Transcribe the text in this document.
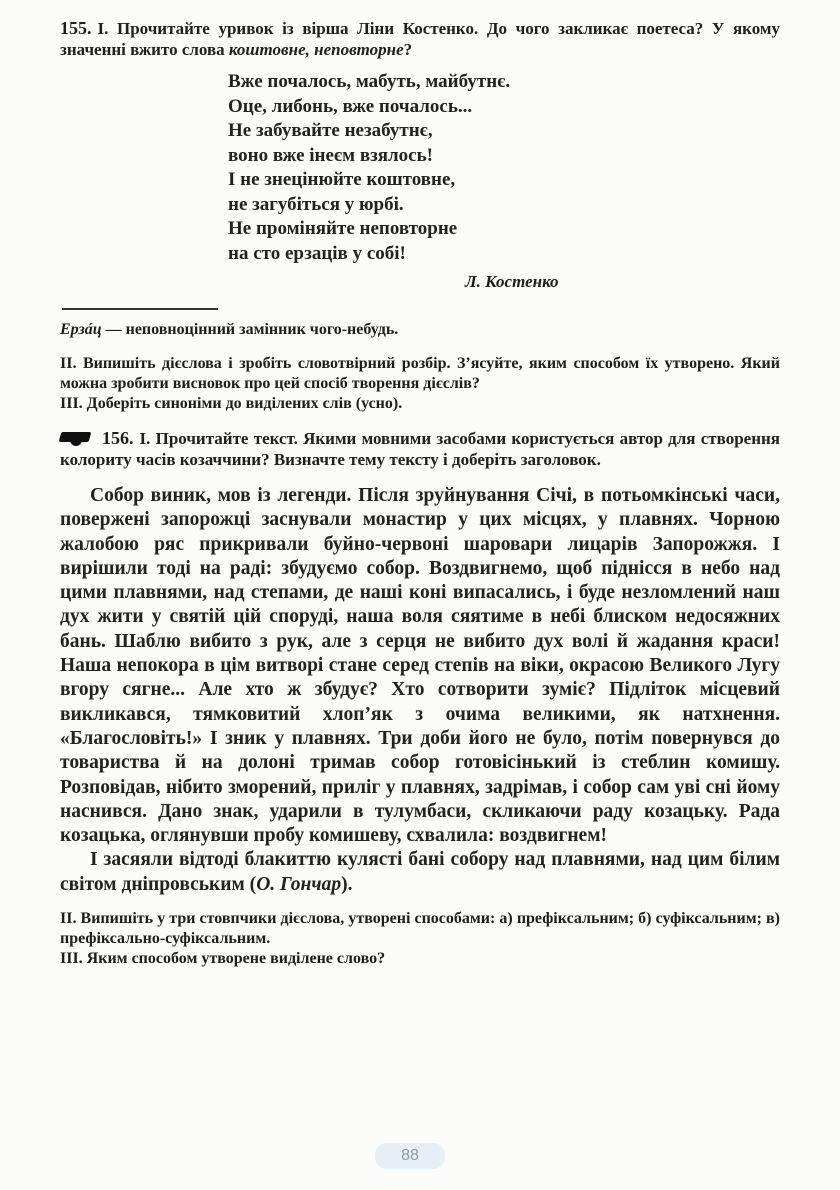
155. І. Прочитайте уривок із вірша Ліни Костенко. До чого закликає поетеса? У якому значенні вжито слова коштовне, неповторне?
Вже почалось, мабуть, майбутнє.
Оце, либонь, вже почалось...
Не забувайте незабутнє,
воно вже інеєм взялось!
І не знецінюйте коштовне,
не загубіться у юрбі.
Не проміняйте неповторне
на сто ерзаців у собі!
Л. Костенко
Ерзáц — неповноцінний замінник чого-небудь.

ІІ. Випишіть дієслова і зробіть словотвірний розбір. З’ясуйте, яким способом їх утворено. Який можна зробити висновок про цей спосіб творення дієслів?

ІІІ. Доберіть синоніми до виділених слів (усно).

156. І. Прочитайте текст. Якими мовними засобами користується автор для створення колориту часів козаччини? Визначте тему тексту і доберіть заголовок.

Собор виник, мов із легенди. Після зруйнування Січі, в потьомкінські часи, повержені запорожці заснували монастир у цих місцях, у плавнях. Чорною жалобою ряс прикривали буйно-червоні шаровари лицарів Запорожжя. І вирішили тоді на раді: збудуємо собор. Воздвигнемо, щоб піднісся в небо над цими плавнями, над степами, де наші коні випасались, і буде незломлений наш дух жити у святій цій споруді, наша воля сяятиме в небі блиском недосяжних бань. Шаблю вибито з рук, але з серця не вибито дух волі й жадання краси! Наша непокора в цім витворі стане серед степів на віки, окрасою Великого Лугу вгору сягне... Але хто ж збудує? Хто сотворити зуміє? Підліток місцевий викликався, тямковитий хлоп’як з очима великими, як натхнення. «Благословіть!» І зник у плавнях. Три доби його не було, потім повернувся до товариства й на долоні тримав собор готовісінький із стеблин комишу. Розповідав, нібито зморений, приліг у плавнях, задрімав, і собор сам уві сні йому наснився. Дано знак, ударили в тулумбаси, скликаючи раду козацьку. Рада козацька, оглянувши пробу комишеву, схвалила: воздвигнем!

І засяяли відтоді блакиттю кулясті бані собору над плавнями, над цим білим світом дніпровським (О. Гончар).

ІІ. Випишіть у три стовпчики дієслова, утворені способами: а) префіксальним; б) суфіксальним; в) префіксально-суфіксальним.

ІІІ. Яким способом утворене виділене слово?

88
